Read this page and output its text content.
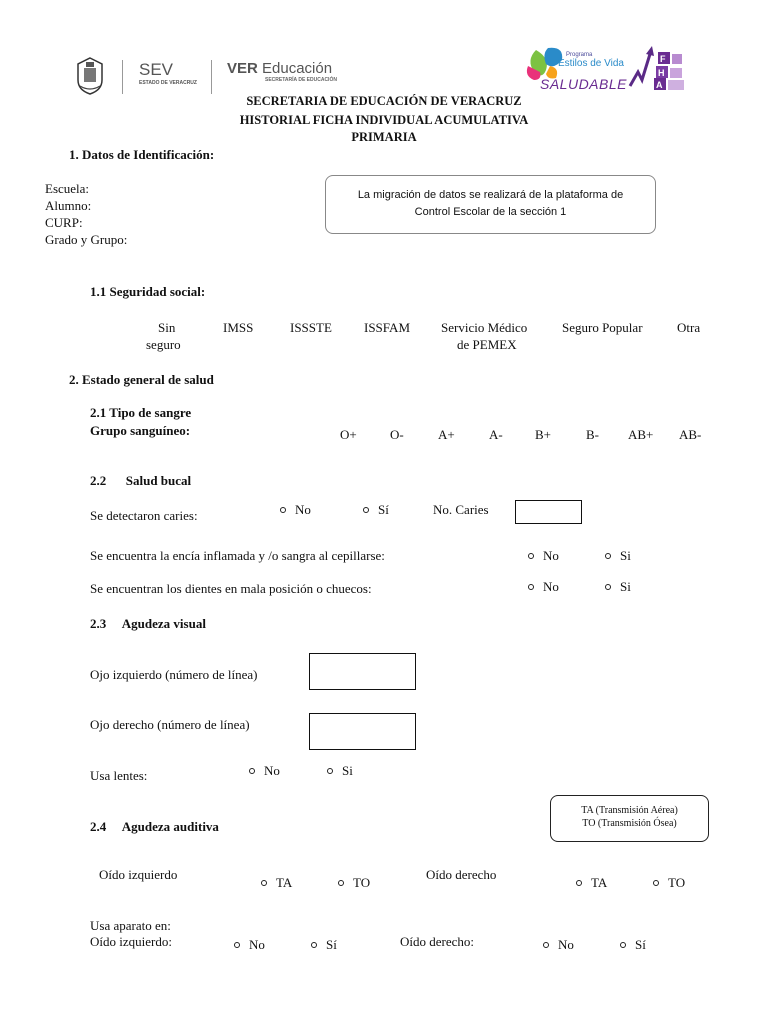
SEV
ESTADO DE VERACRUZ
VER Educación
SECRETARÍA DE EDUCACIÓN
Programa
Estilos de Vida
SALUDABLE
F
H
A
SECRETARIA DE EDUCACIÓN DE VERACRUZ
HISTORIAL FICHA INDIVIDUAL ACUMULATIVA
PRIMARIA
1. Datos de Identificación:
Escuela:
Alumno:
CURP:
Grado y Grupo:
La migración de datos se realizará de la plataforma de
Control Escolar de la sección 1
1.1 Seguridad social:
Sin
seguro
IMSS	ISSSTE ISSFAM Servicio Médico
de PEMEX
Seguro Popular	Otra
2. Estado general de salud
2.1 Tipo de sangre
Grupo sanguíneo:	O+	O-	A+	A- B+	B- AB+ AB-
2.2      Salud bucal
Se detectaron caries:	No	Sí	No. Caries
Se encuentra la encía inflamada y /o sangra al cepillarse:	No	Si
Se encuentran los dientes en mala posición o chuecos:	No	Si
2.3     Agudeza visual
Ojo izquierdo (número de línea)
Ojo derecho (número de línea)
Usa lentes:	No	Si
2.4     Agudeza auditiva
TA (Transmisión Aérea)
TO (Transmisión Ósea)
Oído izquierdo
TA	TO
Oído derecho
TA	TO
Usa aparato en:
Oído izquierdo:	No	Sí	Oído derecho:	No	Sí
